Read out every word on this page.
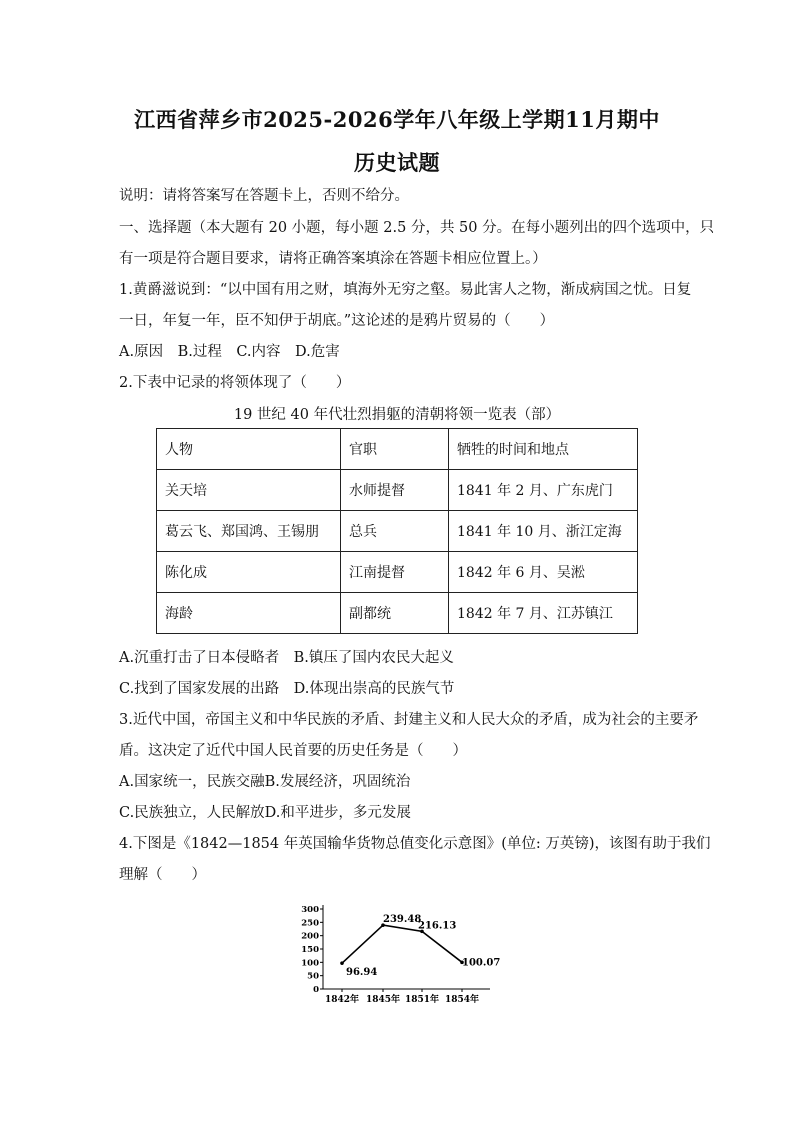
江西省萍乡市2025-2026学年八年级上学期11月期中
历史试题
说明：请将答案写在答题卡上，否则不给分。
一、选择题（本大题有 20 小题，每小题 2.5 分，共 50 分。在每小题列出的四个选项中，只
有一项是符合题目要求，请将正确答案填涂在答题卡相应位置上。）
1.黄爵滋说到：“以中国有用之财，填海外无穷之壑。易此害人之物，渐成病国之忧。日复
一日，年复一年，臣不知伊于胡底。”这论述的是鸦片贸易的（　　）
A.原因　B.过程　C.内容　D.危害
2.下表中记录的将领体现了（　　）
19 世纪 40 年代壮烈捐躯的清朝将领一览表（部）
人物	官职	牺牲的时间和地点
关天培	水师提督	1841 年 2 月、广东虎门
葛云飞、郑国鸿、王锡朋	总兵	1841 年 10 月、浙江定海
陈化成	江南提督	1842 年 6 月、吴淞
海龄	副都统	1842 年 7 月、江苏镇江
A.沉重打击了日本侵略者　B.镇压了国内农民大起义
C.找到了国家发展的出路　D.体现出崇高的民族气节
3.近代中国，帝国主义和中华民族的矛盾、封建主义和人民大众的矛盾，成为社会的主要矛
盾。这决定了近代中国人民首要的历史任务是（　　）
A.国家统一，民族交融B.发展经济，巩固统治
C.民族独立，人民解放D.和平进步，多元发展
4.下图是《1842—1854 年英国输华货物总值变化示意图》(单位: 万英镑)，该图有助于我们
理解（　　）
300
250
200
150
100
50
0
1842年 1845年 1851年 1854年
96.94
239.48
216.13
100.07
